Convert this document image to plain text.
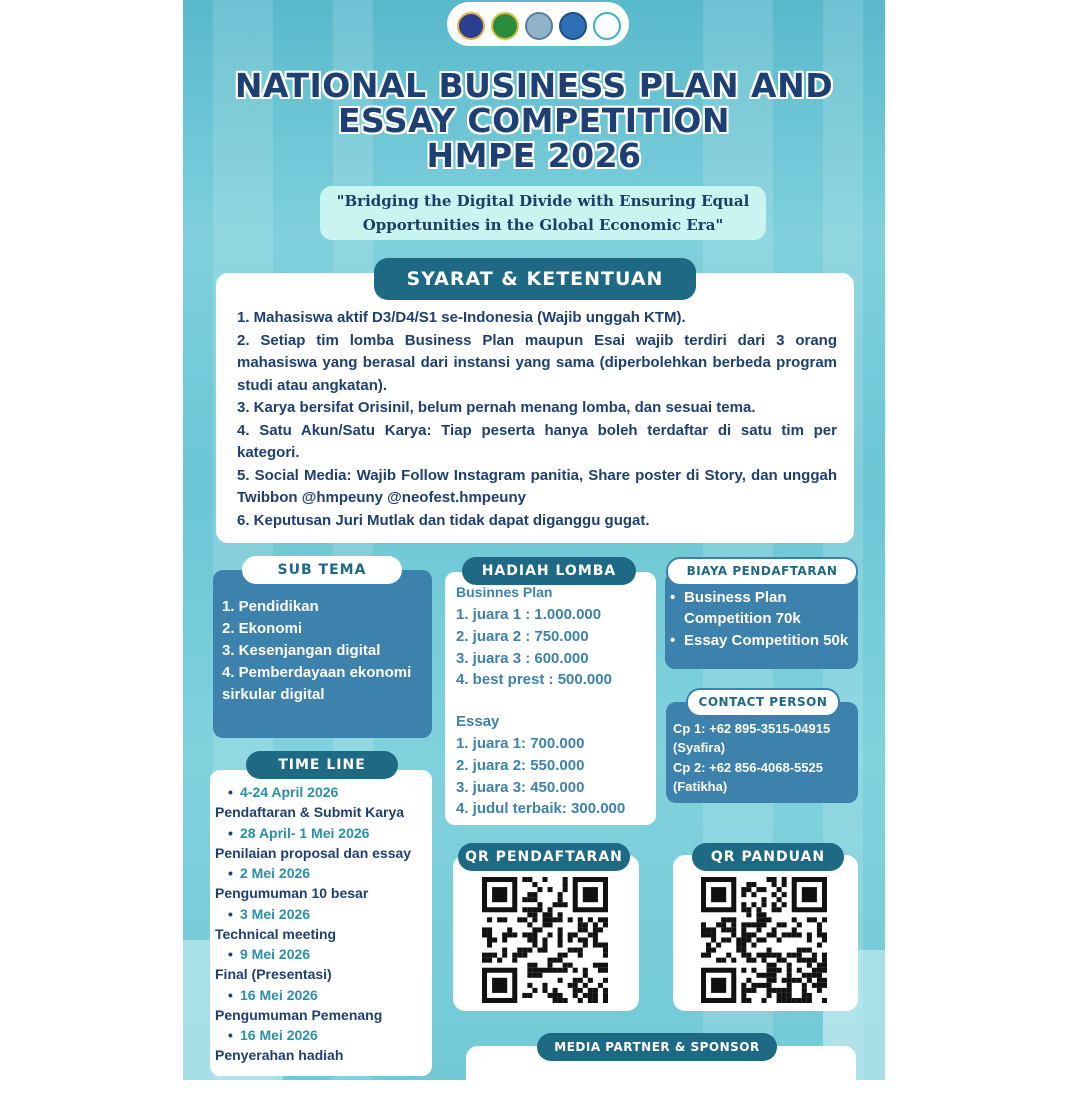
NATIONAL BUSINESS PLAN AND
ESSAY COMPETITION
HMPE 2026
"Bridging the Digital Divide with Ensuring Equal
Opportunities in the Global Economic Era"
SYARAT & KETENTUAN
1. Mahasiswa aktif D3/D4/S1 se-Indonesia (Wajib unggah KTM).
2. Setiap tim lomba Business Plan maupun Esai wajib terdiri dari 3 orang mahasiswa yang berasal dari instansi yang sama (diperbolehkan berbeda program studi atau angkatan).
3. Karya bersifat Orisinil, belum pernah menang lomba, dan sesuai tema.
4. Satu Akun/Satu Karya: Tiap peserta hanya boleh terdaftar di satu tim per kategori.
5. Social Media: Wajib Follow Instagram panitia, Share poster di Story, dan unggah Twibbon @hmpeuny @neofest.hmpeuny
6. Keputusan Juri Mutlak dan tidak dapat diganggu gugat.
SUB TEMA
1. Pendidikan
2. Ekonomi
3. Kesenjangan digital
4. Pemberdayaan ekonomi
sirkular digital
HADIAH LOMBA
Businnes Plan
1. juara 1 : 1.000.000
2. juara 2 : 750.000
3. juara 3 : 600.000
4. best prest : 500.000
Essay
1. juara 1: 700.000
2. juara 2: 550.000
3. juara 3: 450.000
4. judul terbaik: 300.000
BIAYA PENDAFTARAN
• Business Plan
Competition 70k
• Essay Competition 50k
CONTACT PERSON
Cp 1: +62 895-3515-04915
(Syafira)
Cp 2: +62 856-4068-5525
(Fatikha)
TIME LINE
• 4-24 April 2026
Pendaftaran & Submit Karya
• 28 April- 1 Mei 2026
Penilaian proposal dan essay
• 2 Mei 2026
Pengumuman 10 besar
• 3 Mei 2026
Technical meeting
• 9 Mei 2026
Final (Presentasi)
• 16 Mei 2026
Pengumuman Pemenang
• 16 Mei 2026
Penyerahan hadiah
QR PENDAFTARAN	QR PANDUAN
MEDIA PARTNER & SPONSOR
